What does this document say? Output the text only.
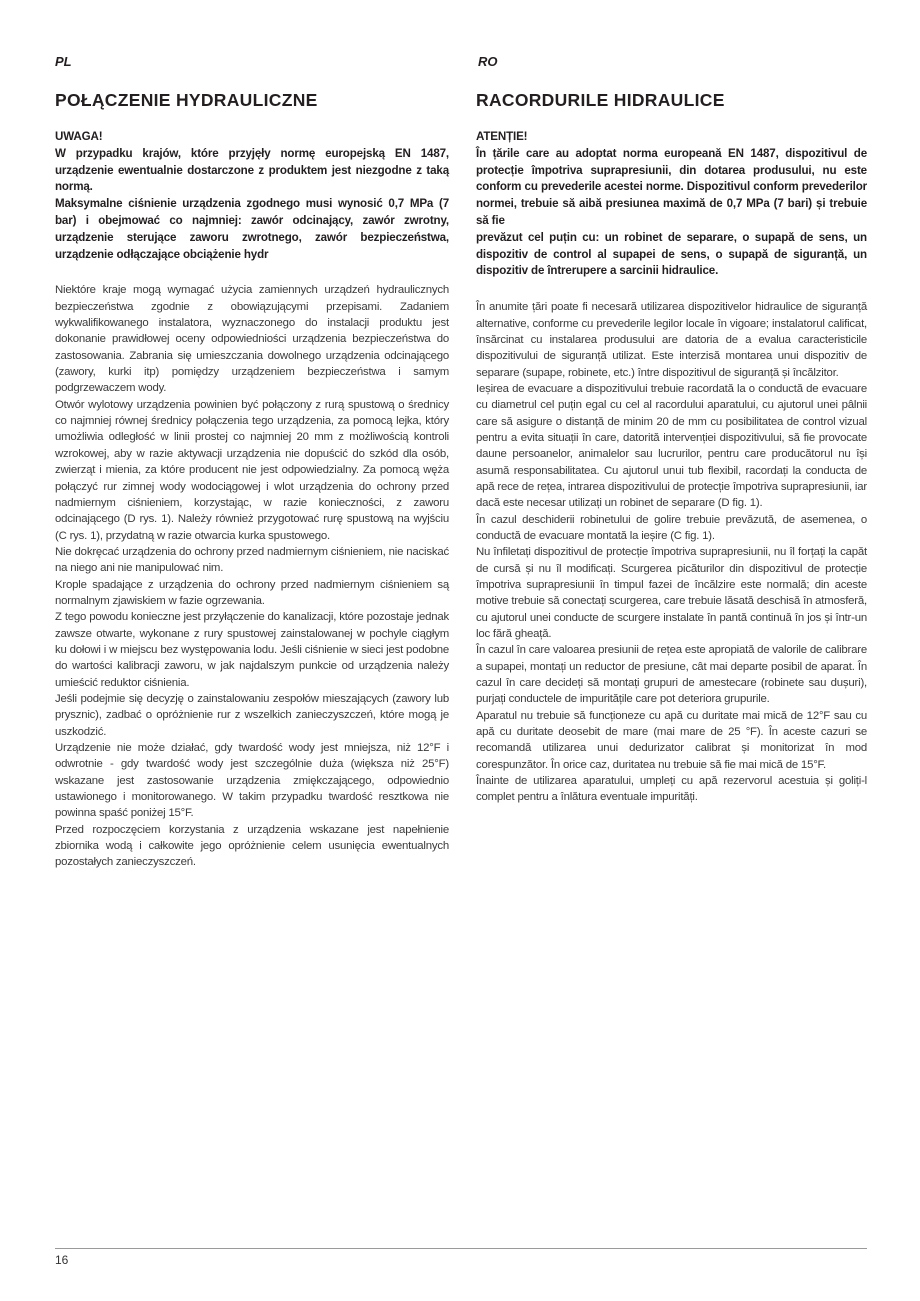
PL	RO
POŁĄCZENIE HYDRAULICZNE

UWAGA!

W przypadku krajów, które przyjęły normę europejską EN 1487, urządzenie ewentualnie dostarczone z produktem jest niezgodne z taką normą.

Maksymalne ciśnienie urządzenia zgodnego musi wynosić 0,7 MPa (7 bar) i obejmować co najmniej: zawór odcinający, zawór zwrotny, urządzenie sterujące zaworu zwrotnego, zawór bezpieczeństwa, urządzenie odłączające obciążenie hydr

Niektóre kraje mogą wymagać użycia zamiennych urządzeń hydraulicznych bezpieczeństwa zgodnie z obowiązującymi przepisami. Zadaniem wykwalifikowanego instalatora, wyznaczonego do instalacji produktu jest dokonanie prawidłowej oceny odpowiedniości urządzenia bezpieczeństwa do zastosowania. Zabrania się umieszczania dowolnego urządzenia odcinającego (zawory, kurki itp) pomiędzy urządzeniem bezpieczeństwa i samym podgrzewaczem wody.

Otwór wylotowy urządzenia powinien być połączony z rurą spustową o średnicy co najmniej równej średnicy połączenia tego urządzenia, za pomocą lejka, który umożliwia odległość w linii prostej co najmniej 20 mm z możliwością kontroli wzrokowej, aby w razie aktywacji urządzenia nie dopuścić do szkód dla osób, zwierząt i mienia, za które producent nie jest odpowiedzialny. Za pomocą węża połączyć rur zimnej wody wodociągowej i wlot urządzenia do ochrony przed nadmiernym ciśnieniem, korzystając, w razie konieczności, z zaworu odcinającego (D rys. 1). Należy również przygotować rurę spustową na wyjściu (C rys. 1), przydatną w razie otwarcia kurka spustowego.

Nie dokręcać urządzenia do ochrony przed nadmiernym ciśnieniem, nie naciskać na niego ani nie manipulować nim.

Krople spadające z urządzenia do ochrony przed nadmiernym ciśnieniem są normalnym zjawiskiem w fazie ogrzewania.

Z tego powodu konieczne jest przyłączenie do kanalizacji, które pozostaje jednak zawsze otwarte, wykonane z rury spustowej zainstalowanej w pochyle ciągłym ku dołowi i w miejscu bez występowania lodu. Jeśli ciśnienie w sieci jest podobne do wartości kalibracji zaworu, w jak najdalszym punkcie od urządzenia należy umieścić reduktor ciśnienia.

Jeśli podejmie się decyzję o zainstalowaniu zespołów mieszających (zawory lub prysznic), zadbać o opróżnienie rur z wszelkich zanieczyszczeń, które mogą je uszkodzić.

Urządzenie nie może działać, gdy twardość wody jest mniejsza, niż 12°F i odwrotnie - gdy twardość wody jest szczególnie duża (większa niż 25°F) wskazane jest zastosowanie urządzenia zmiękczającego, odpowiednio ustawionego i monitorowanego. W takim przypadku twardość resztkowa nie powinna spaść poniżej 15°F.

Przed rozpoczęciem korzystania z urządzenia wskazane jest napełnienie zbiornika wodą i całkowite jego opróżnienie celem usunięcia ewentualnych pozostałych zanieczyszczeń.

RACORDURILE HIDRAULICE

ATENȚIE!

În țările care au adoptat norma europeană EN 1487, dispozitivul de protecție împotriva suprapresiunii, din dotarea produsului, nu este conform cu prevederile acestei norme. Dispozitivul conform prevederilor normei, trebuie să aibă presiunea maximă de 0,7 MPa (7 bari) și trebuie să fie

prevăzut cel puțin cu: un robinet de separare, o supapă de sens, un dispozitiv de control al supapei de sens, o supapă de siguranță, un dispozitiv de întrerupere a sarcinii hidraulice.

În anumite țări poate fi necesară utilizarea dispozitivelor hidraulice de siguranță alternative, conforme cu prevederile legilor locale în vigoare; instalatorul calificat, însărcinat cu instalarea produsului are datoria de a evalua caracteristicile dispozitivului de siguranță utilizat. Este interzisă montarea unui dispozitiv de separare (supape, robinete, etc.) între dispozitivul de siguranță și încălzitor.

Ieșirea de evacuare a dispozitivului trebuie racordată la o conductă de evacuare cu diametrul cel puțin egal cu cel al racordului aparatului, cu ajutorul unei pâlnii care să asigure o distanță de minim 20 de mm cu posibilitatea de control vizual pentru a evita situații în care, datorită intervenției dispozitivului, să fie provocate daune persoanelor, animalelor sau lucrurilor, pentru care producătorul nu își asumă responsabilitatea. Cu ajutorul unui tub flexibil, racordați la conducta de apă rece de rețea, intrarea dispozitivului de protecție împotriva suprapresiunii, iar dacă este necesar utilizați un robinet de separare (D fig. 1).

În cazul deschiderii robinetului de golire trebuie prevăzută, de asemenea, o conductă de evacuare montată la ieșire (C fig. 1).

Nu înfiletați dispozitivul de protecție împotriva suprapresiunii, nu îl forțați la capăt de cursă și nu îl modificați. Scurgerea picăturilor din dispozitivul de protecție împotriva suprapresiunii în timpul fazei de încălzire este normală; din aceste motive trebuie să conectați scurgerea, care trebuie lăsată deschisă în atmosferă, cu ajutorul unei conducte de scurgere instalate în pantă continuă în jos și într-un loc fără gheață.

În cazul în care valoarea presiunii de rețea este apropiată de valorile de calibrare a supapei, montați un reductor de presiune, cât mai departe posibil de aparat. În cazul în care decideți să montați grupuri de amestecare (robinete sau dușuri), purjați conductele de impuritățile care pot deteriora grupurile.

Aparatul nu trebuie să funcționeze cu apă cu duritate mai mică de 12°F sau cu apă cu duritate deosebit de mare (mai mare de 25 °F). În aceste cazuri se recomandă utilizarea unui dedurizator calibrat și monitorizat în mod corespunzător. În orice caz, duritatea nu trebuie să fie mai mică de 15°F.

Înainte de utilizarea aparatului, umpleți cu apă rezervorul acestuia și goliți-l complet pentru a înlătura eventuale impurități.

16
